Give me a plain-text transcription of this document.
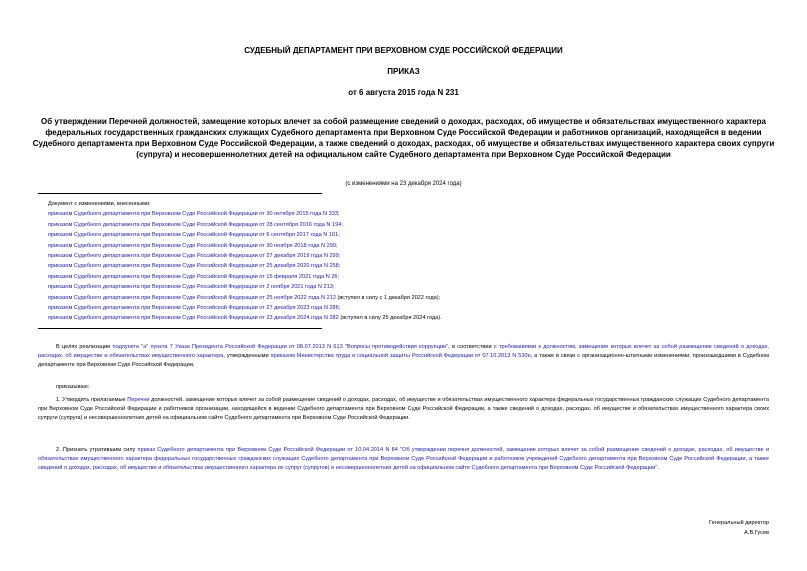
СУДЕБНЫЙ ДЕПАРТАМЕНТ ПРИ ВЕРХОВНОМ СУДЕ РОССИЙСКОЙ ФЕДЕРАЦИИ
ПРИКАЗ
от 6 августа 2015 года N 231
Об утверждении Перечней должностей, замещение которых влечет за собой размещение сведений о доходах, расходах, об имуществе и обязательствах имущественного характера федеральных государственных гражданских служащих Судебного департамента при Верховном Суде Российской Федерации и работников организаций, находящейся в ведении Судебного департамента при Верховном Суде Российской Федерации, а также сведений о доходах, расходах, об имуществе и обязательствах имущественного характера своих супруги (супруга) и несовершеннолетних детей на официальном сайте Судебного департамента при Верховном Суде Российской Федерации
(с изменениями на 23 декабря 2024 года)
Документ с изменениями, внесенными:
приказом Судебного департамента при Верховном Суде Российской Федерации от 30 октября 2015 года N 333;
приказом Судебного департамента при Верховном Суде Российской Федерации от 28 сентября 2016 года N 194;
приказом Судебного департамента при Верховном Суде Российской Федерации от 6 сентября 2017 года N 161;
приказом Судебного департамента при Верховном Суде Российской Федерации от 30 ноября 2018 года N 290;
приказом Судебного департамента при Верховном Суде Российской Федерации от 27 декабря 2019 года N 299;
приказом Судебного департамента при Верховном Суде Российской Федерации от 25 декабря 2020 года N 258;
приказом Судебного департамента при Верховном Суде Российской Федерации от 15 февраля 2021 года N 26;
приказом Судебного департамента при Верховном Суде Российской Федерации от 2 ноября 2021 года N 213;
приказом Судебного департамента при Верховном Суде Российской Федерации от 25 ноября 2022 года N 212 (вступил в силу с 1 декабря 2022 года);
приказом Судебного департамента при Верховном Суде Российской Федерации от 27 декабря 2023 года N 286;
приказом Судебного департамента при Верховном Суде Российской Федерации от 23 декабря 2024 года N 282 (вступил в силу 25 декабря 2024 года).
В целях реализации подпункта "а" пункта 7 Указа Президента Российской Федерации от 08.07.2013 N 613 "Вопросы противодействия коррупции", в соответствии с требованиями к должностям, замещение которых влечет за собой размещение сведений о доходах, расходах, об имуществе и обязательствах имущественного характера, утвержденными приказом Министерства труда и социальной защиты Российской Федерации от 07.10.2013 N 530н, а также в связи с организационно-штатными изменениями, произошедшими в Судебном департаменте при Верховном Суде Российской Федерации,
приказываю:
1. Утвердить прилагаемые Перечни должностей, замещение которых влечет за собой размещение сведений о доходах, расходах, об имуществе и обязательствах имущественного характера федеральных государственных гражданских служащих Судебного департамента при Верховном Суде Российской Федерации и работников организации, находящейся в ведении Судебного департамента при Верховном Суде Российской Федерации, а также сведений о доходах, расходах, об имуществе и обязательствах имущественного характера своих супруги (супруга) и несовершеннолетних детей на официальном сайте Судебного департамента при Верховном Суде Российской Федерации.
2. Признать утратившим силу приказ Судебного департамента при Верховном Суде Российской Федерации от 10.04.2014 N 84 "Об утверждении перечня должностей, замещение которых влечет за собой размещение сведений о доходах, расходах, об имуществе и обязательствах имущественного характера федеральных государственных гражданских служащих Судебного департамента при Верховном Суде Российской Федерации и работников учреждений Судебного департамента при Верховном Суде Российской Федерации, а также сведений о доходах, расходах, об имуществе и обязательствах имущественного характера их супруг (супругов) и несовершеннолетних детей на официальном сайте Судебного департамента при Верховном Суде Российской Федерации".
Генеральный директор
А.В.Гусев
